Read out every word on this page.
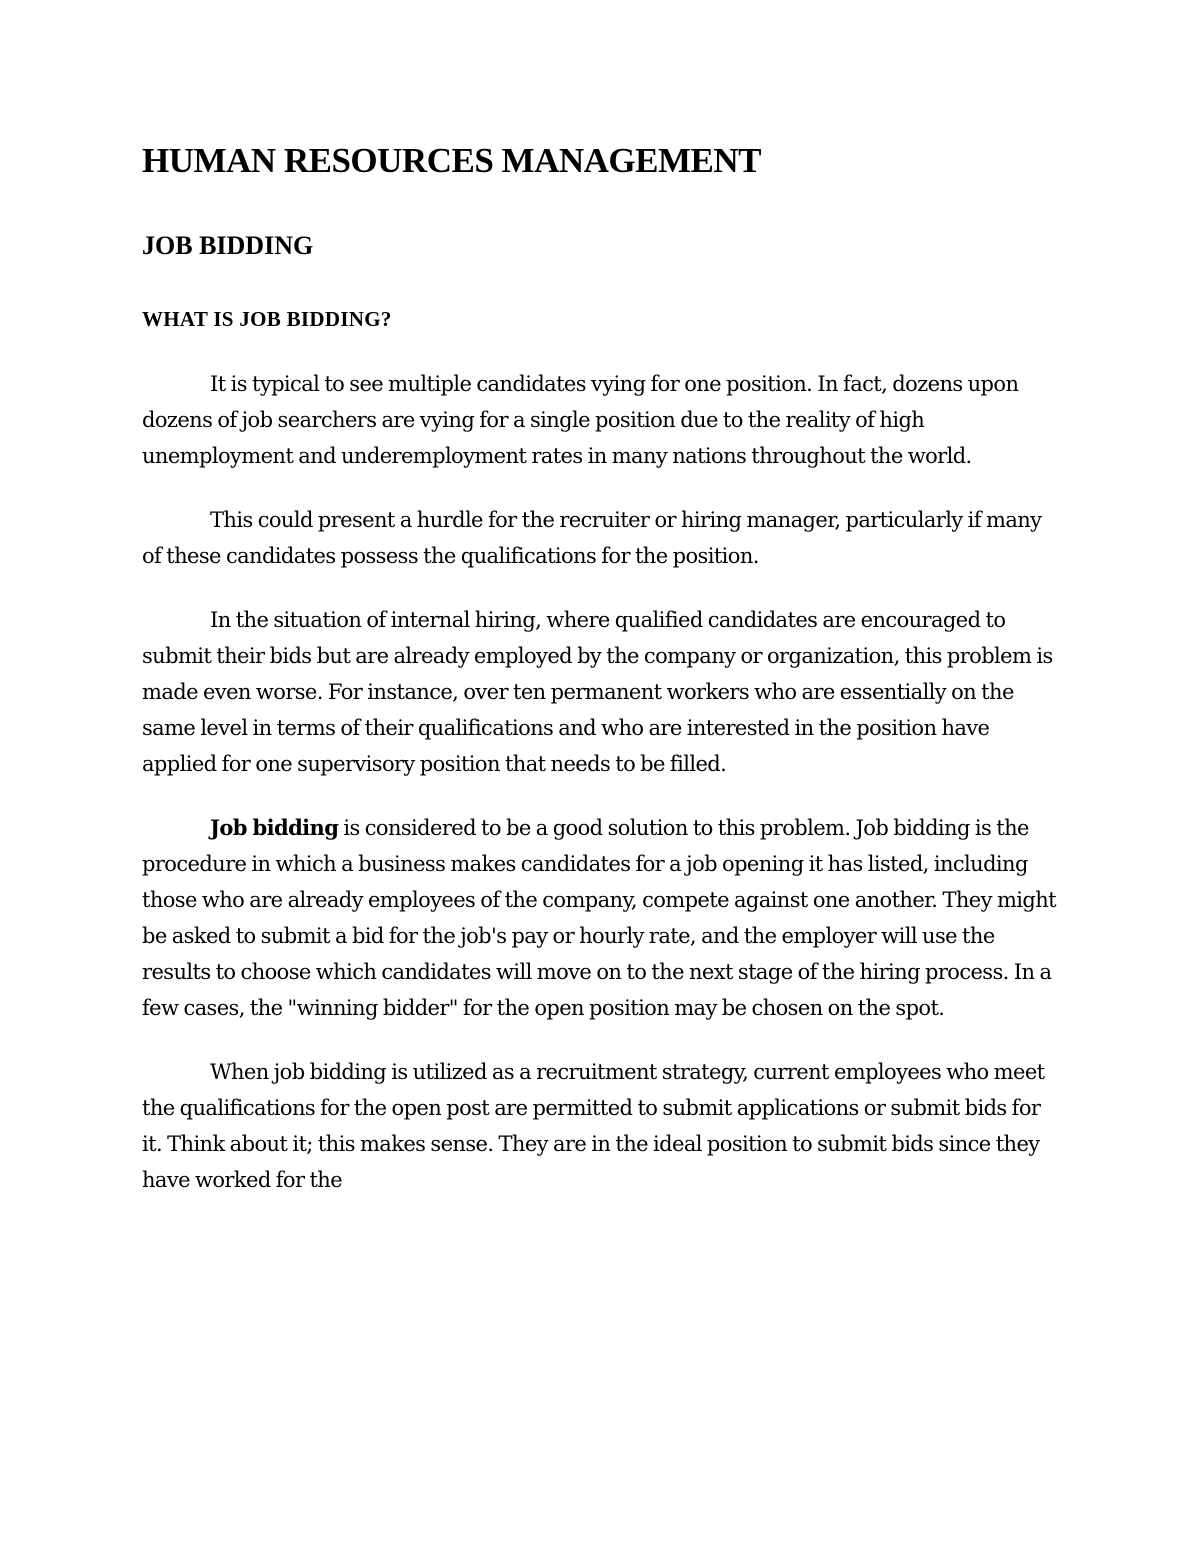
HUMAN RESOURCES MANAGEMENT
JOB BIDDING
WHAT IS JOB BIDDING?

It is typical to see multiple candidates vying for one position. In fact, dozens upon dozens of job searchers are vying for a single position due to the reality of high unemployment and underemployment rates in many nations throughout the world.

This could present a hurdle for the recruiter or hiring manager, particularly if many of these candidates possess the qualifications for the position.

In the situation of internal hiring, where qualified candidates are encouraged to submit their bids but are already employed by the company or organization, this problem is made even worse. For instance, over ten permanent workers who are essentially on the same level in terms of their qualifications and who are interested in the position have applied for one supervisory position that needs to be filled.

Job bidding is considered to be a good solution to this problem. Job bidding is the procedure in which a business makes candidates for a job opening it has listed, including those who are already employees of the company, compete against one another. They might be asked to submit a bid for the job's pay or hourly rate, and the employer will use the results to choose which candidates will move on to the next stage of the hiring process. In a few cases, the "winning bidder" for the open position may be chosen on the spot.

When job bidding is utilized as a recruitment strategy, current employees who meet the qualifications for the open post are permitted to submit applications or submit bids for it. Think about it; this makes sense. They are in the ideal position to submit bids since they have worked for the
